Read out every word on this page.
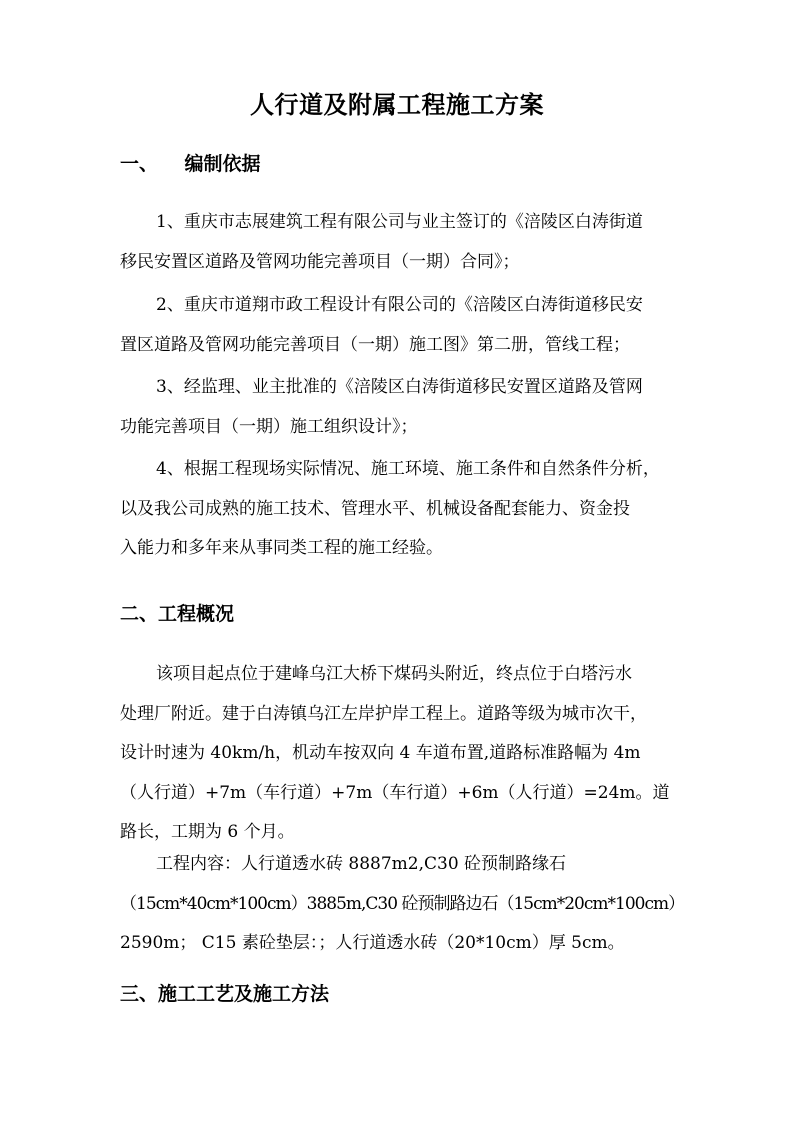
人行道及附属工程施工方案
一、    编制依据
1、重庆市志展建筑工程有限公司与业主签订的《涪陵区白涛街道
移民安置区道路及管网功能完善项目（一期）合同》；
2、重庆市道翔市政工程设计有限公司的《涪陵区白涛街道移民安
置区道路及管网功能完善项目（一期）施工图》第二册，管线工程；
3、经监理、业主批准的《涪陵区白涛街道移民安置区道路及管网
功能完善项目（一期）施工组织设计》；
4、根据工程现场实际情况、施工环境、施工条件和自然条件分析，
以及我公司成熟的施工技术、管理水平、机械设备配套能力、资金投
入能力和多年来从事同类工程的施工经验。
二、工程概况
该项目起点位于建峰乌江大桥下煤码头附近，终点位于白塔污水
处理厂附近。建于白涛镇乌江左岸护岸工程上。道路等级为城市次干，
设计时速为 40km/h，机动车按双向 4 车道布置,道路标准路幅为 4m
（人行道）+7m（车行道）+7m（车行道）+6m（人行道）=24m。道
路长，工期为 6 个月。
工程内容：人行道透水砖 8887m2,C30 砼预制路缘石
（15cm*40cm*100cm）3885m,C30 砼预制路边石（15cm*20cm*100cm）
2590m； C15 素砼垫层：；人行道透水砖（20*10cm）厚 5cm。
三、施工工艺及施工方法
